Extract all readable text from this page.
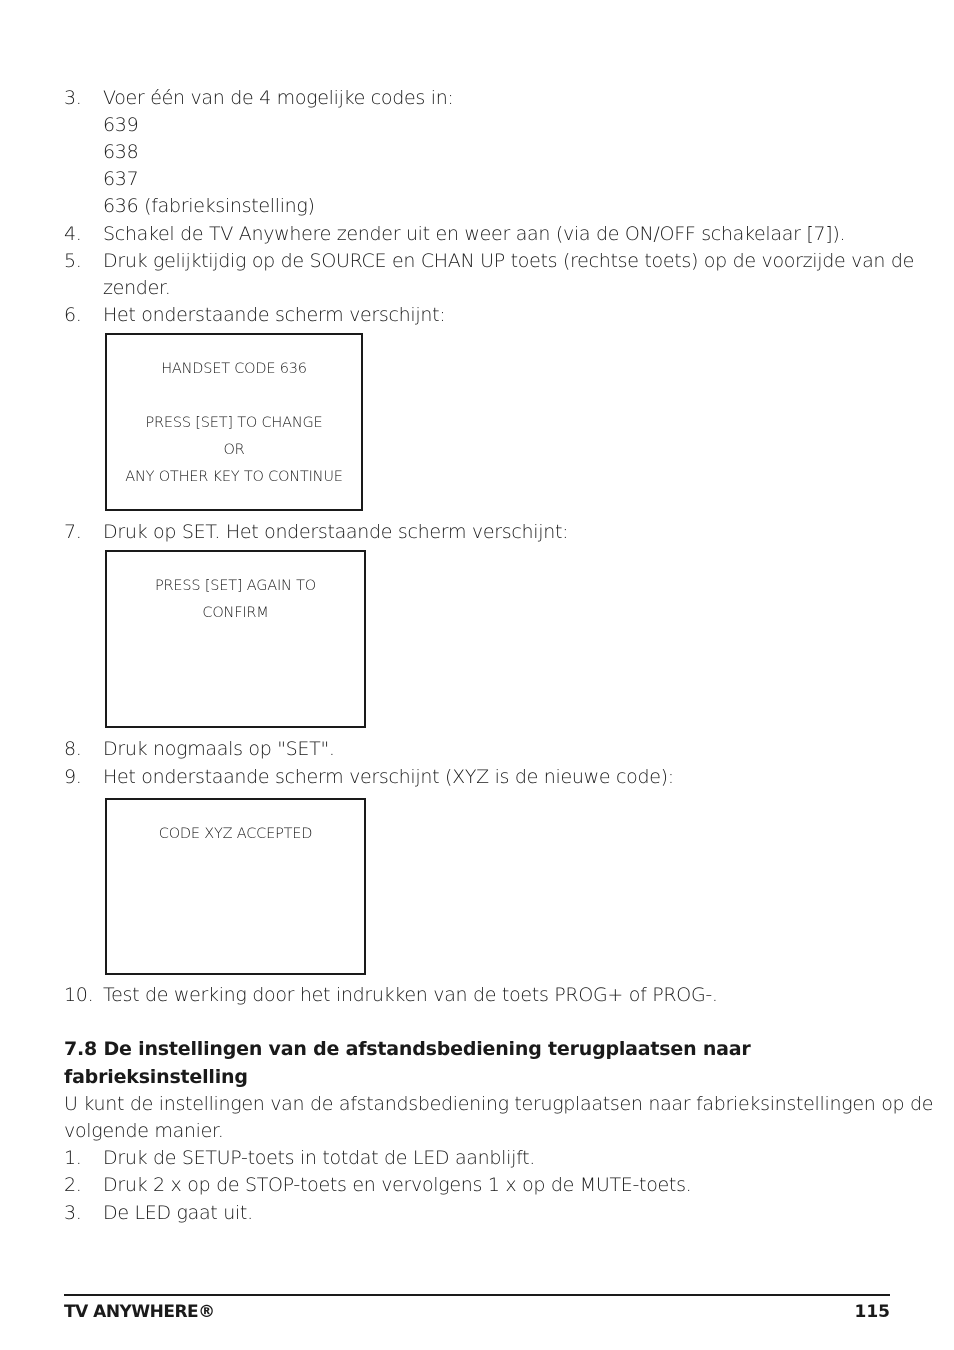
3. Voer één van de 4 mogelijke codes in:
639
638
637
636 (fabrieksinstelling)
4. Schakel de TV Anywhere zender uit en weer aan (via de ON/OFF schakelaar [7]).
5. Druk gelijktijdig op de SOURCE en CHAN UP toets (rechtse toets) op de voorzijde van de
zender.
6. Het onderstaande scherm verschijnt:
HANDSET CODE 636
PRESS [SET] TO CHANGE
OR
ANY OTHER KEY TO CONTINUE
7. Druk op SET. Het onderstaande scherm verschijnt:
PRESS [SET] AGAIN TO
CONFIRM
8. Druk nogmaals op "SET".
9. Het onderstaande scherm verschijnt (XYZ is de nieuwe code):
CODE XYZ ACCEPTED
10. Test de werking door het indrukken van de toets PROG+ of PROG-.
7.8 De instellingen van de afstandsbediening terugplaatsen naar
fabrieksinstelling
U kunt de instellingen van de afstandsbediening terugplaatsen naar fabrieksinstellingen op de
volgende manier.
1. Druk de SETUP-toets in totdat de LED aanblijft.
2. Druk 2 x op de STOP-toets en vervolgens 1 x op de MUTE-toets.
3. De LED gaat uit.
TV ANYWHERE®	115
